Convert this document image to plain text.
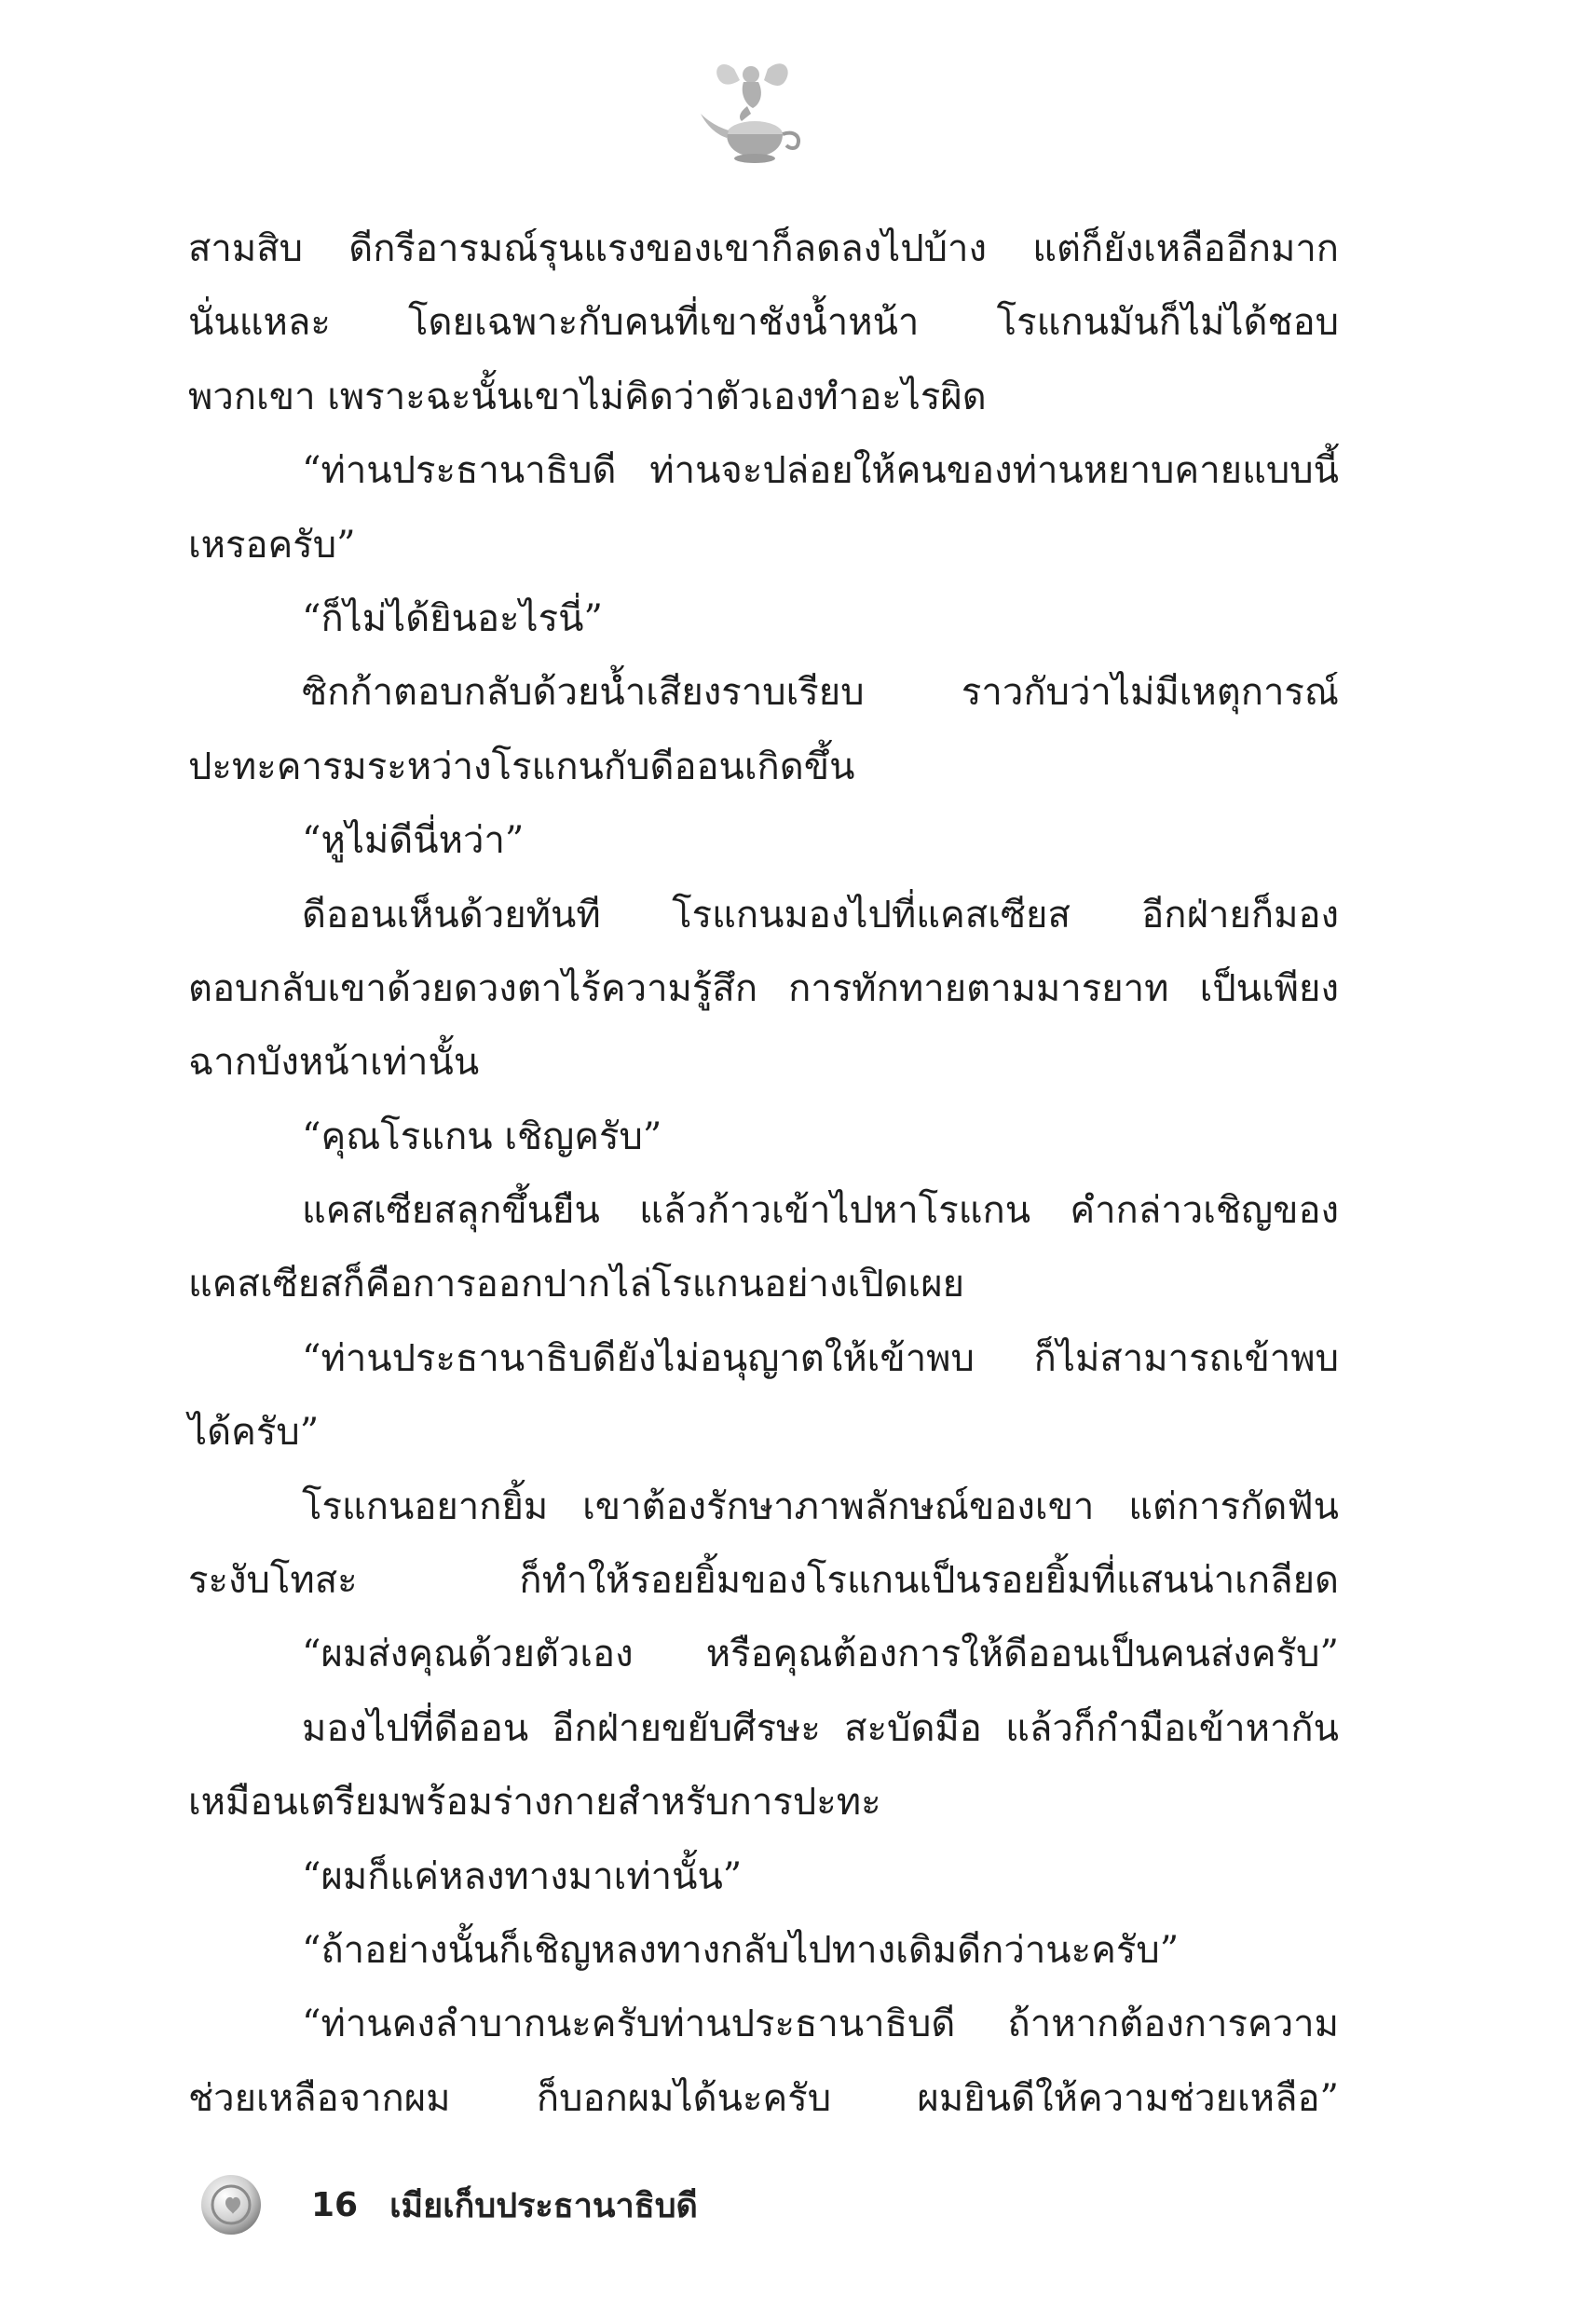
สามสิบ ดีกรีอารมณ์รุนแรงของเขาก็ลดลงไปบ้าง แต่ก็ยังเหลืออีกมาก
นั่นแหละ โดยเฉพาะกับคนที่เขาชังน้ำหน้า โรแกนมันก็ไม่ได้ชอบ
พวกเขา เพราะฉะนั้นเขาไม่คิดว่าตัวเองทำอะไรผิด
“ท่านประธานาธิบดี ท่านจะปล่อยให้คนของท่านหยาบคายแบบนี้
เหรอครับ”
“ก็ไม่ได้ยินอะไรนี่”
ซิกก้าตอบกลับด้วยน้ำเสียงราบเรียบ	ราวกับว่าไม่มีเหตุการณ์
ปะทะคารมระหว่างโรแกนกับดีออนเกิดขึ้น
“หูไม่ดีนี่หว่า”
ดีออนเห็นด้วยทันที โรแกนมองไปที่แคสเซียส อีกฝ่ายก็มอง
ตอบกลับเขาด้วยดวงตาไร้ความรู้สึก การทักทายตามมารยาท เป็นเพียง
ฉากบังหน้าเท่านั้น
“คุณโรแกน เชิญครับ”
แคสเซียสลุกขึ้นยืน แล้วก้าวเข้าไปหาโรแกน คำกล่าวเชิญของ
แคสเซียสก็คือการออกปากไล่โรแกนอย่างเปิดเผย
“ท่านประธานาธิบดียังไม่อนุญาตให้เข้าพบ ก็ไม่สามารถเข้าพบ
ได้ครับ”
โรแกนอยากยิ้ม เขาต้องรักษาภาพลักษณ์ของเขา แต่การกัดฟัน
ระงับโทสะ	ก็ทำให้รอยยิ้มของโรแกนเป็นรอยยิ้มที่แสนน่าเกลียด
“ผมส่งคุณด้วยตัวเอง หรือคุณต้องการให้ดีออนเป็นคนส่งครับ”
มองไปที่ดีออน อีกฝ่ายขยับศีรษะ สะบัดมือ แล้วก็กำมือเข้าหากัน
เหมือนเตรียมพร้อมร่างกายสำหรับการปะทะ
“ผมก็แค่หลงทางมาเท่านั้น”
“ถ้าอย่างนั้นก็เชิญหลงทางกลับไปทางเดิมดีกว่านะครับ”
“ท่านคงลำบากนะครับท่านประธานาธิบดี ถ้าหากต้องการความ
ช่วยเหลือจากผม ก็บอกผมได้นะครับ ผมยินดีให้ความช่วยเหลือ”
16 เมียเก็บประธานาธิบดี
